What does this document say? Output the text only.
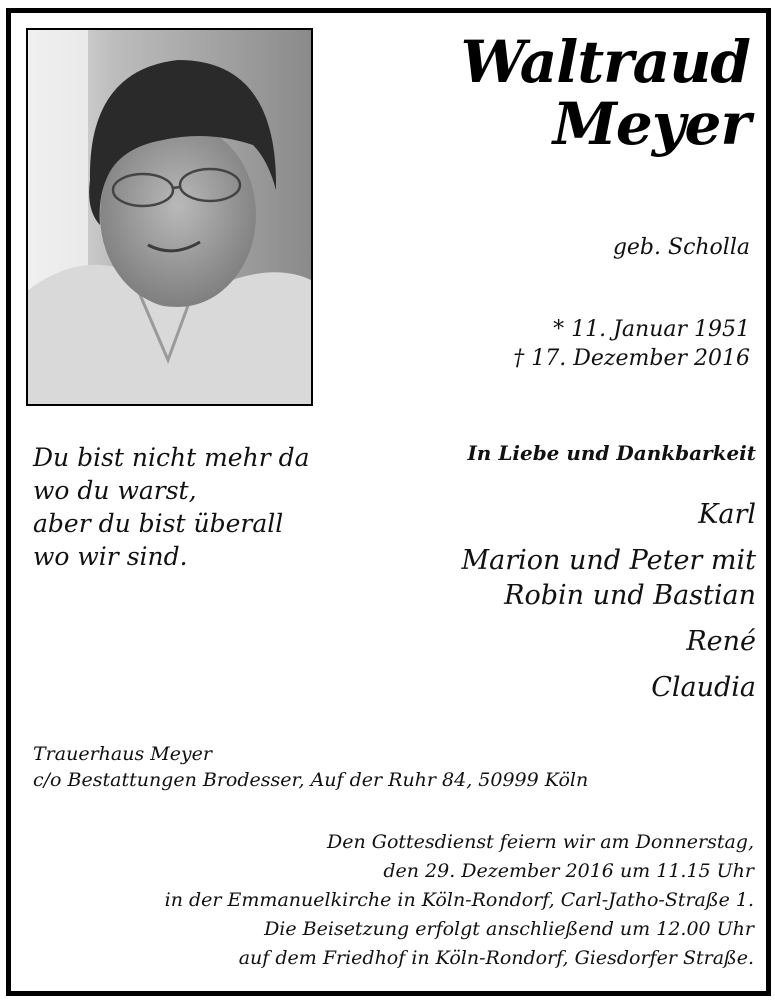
Waltraud
Meyer
geb. Scholla
* 11. Januar 1951
† 17. Dezember 2016
Du bist nicht mehr da
wo du warst,
aber du bist überall
wo wir sind.
In Liebe und Dankbarkeit
Karl
Marion und Peter mit
Robin und Bastian
René
Claudia
Trauerhaus Meyer
c/o Bestattungen Brodesser, Auf der Ruhr 84, 50999 Köln
Den Gottesdienst feiern wir am Donnerstag,
den 29. Dezember 2016 um 11.15 Uhr
in der Emmanuelkirche in Köln-Rondorf, Carl-Jatho-Straße 1.
Die Beisetzung erfolgt anschließend um 12.00 Uhr
auf dem Friedhof in Köln-Rondorf, Giesdorfer Straße.
